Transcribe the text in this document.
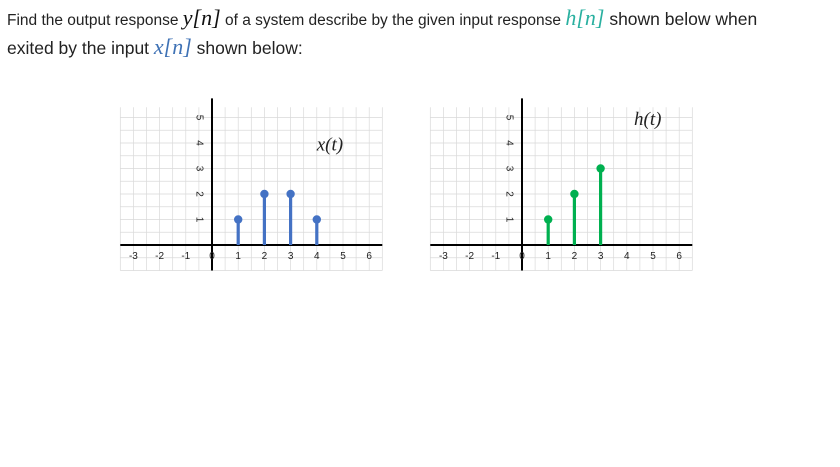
Find the output response y[n] of a system describe by the given input response h[n] shown below when
exited by the input x[n] shown below:

-3 -2 -1 0 1 2 3 4 5 6
1
2
3
4
5
x(t)
-3 -2 -1 0 1 2 3 4 5 6
1
2
3
4
5	h(t)
